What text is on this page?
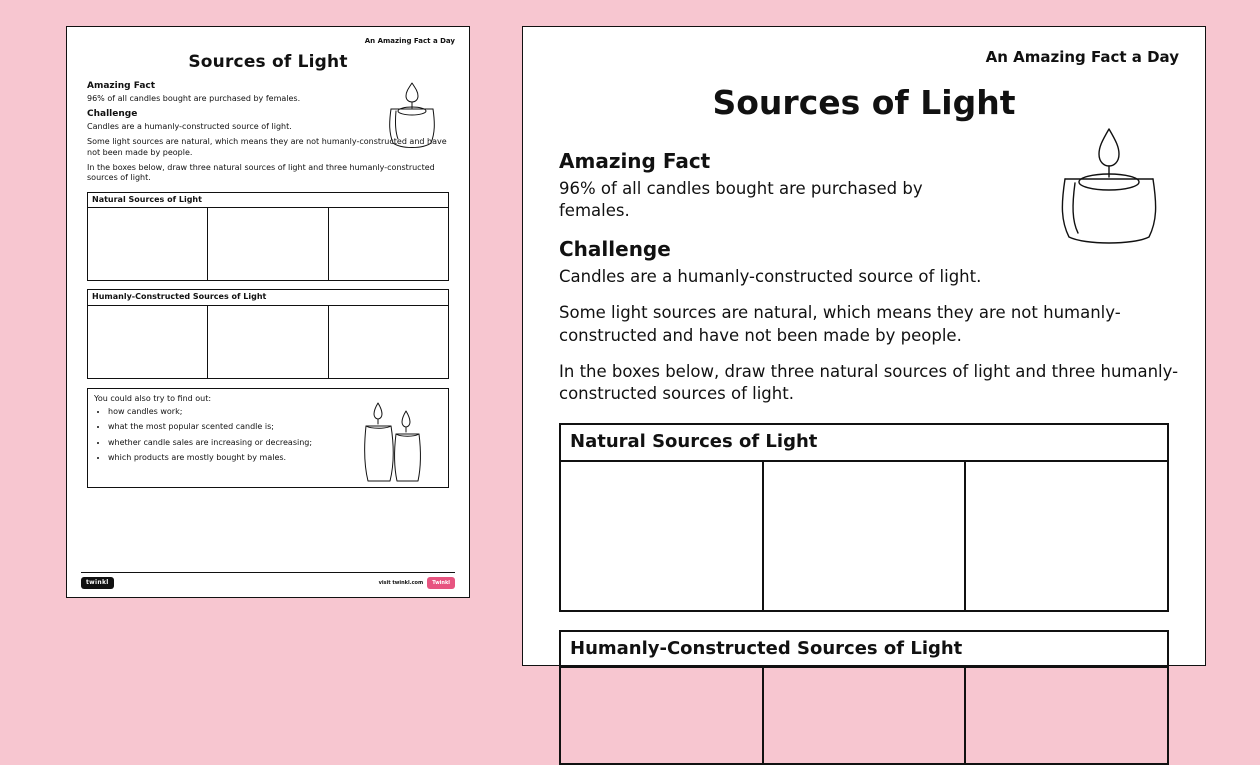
An Amazing Fact a Day
Sources of Light
Amazing Fact
96% of all candles bought are purchased by females.
Challenge
Candles are a humanly-constructed source of light.
Some light sources are natural, which means they are not humanly-constructed and have not been made by people.
In the boxes below, draw three natural sources of light and three humanly-constructed sources of light.
Natural Sources of Light
Humanly-Constructed Sources of Light
You could also try to find out:
• how candles work;
• what the most popular scented candle is;
• whether candle sales are increasing or decreasing;
• which products are mostly bought by males.
twinkl	visit twinkl.com	Twinkl
An Amazing Fact a Day
Sources of Light
Amazing Fact
96% of all candles bought are purchased by females.
Challenge
Candles are a humanly-constructed source of light.
Some light sources are natural, which means they are not humanly-constructed and have not been made by people.
In the boxes below, draw three natural sources of light and three humanly-constructed sources of light.
Natural Sources of Light
Humanly-Constructed Sources of Light
